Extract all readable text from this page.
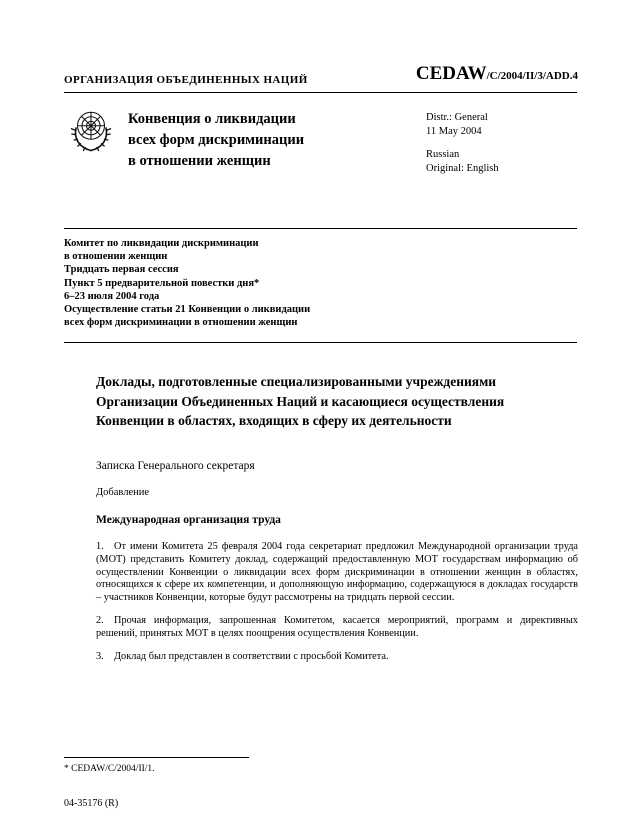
ОРГАНИЗАЦИЯ ОБЪЕДИНЕННЫХ НАЦИЙ	CEDAW/C/2004/II/3/ADD.4
Конвенция о ликвидации
всех форм дискриминации
в отношении женщин
Distr.: General
11 May 2004
Russian
Original: English
Комитет по ликвидации дискриминации
в отношении женщин
Тридцать первая сессия
Пункт 5 предварительной повестки дня*
6–23 июля 2004 года
Осуществление статьи 21 Конвенции о ликвидации
всех форм дискриминации в отношении женщин
Доклады, подготовленные специализированными учреждениями Организации Объединенных Наций и касающиеся осуществления Конвенции в областях, входящих в сферу их деятельности
Записка Генерального секретаря
Добавление
Международная организация труда

1. От имени Комитета 25 февраля 2004 года секретариат предложил Международной организации труда (МОТ) представить Комитету доклад, содержащий предоставленную МОТ государствам информацию об осуществлении Конвенции о ликвидации всех форм дискриминации в отношении женщин в областях, относящихся к сфере их компетенции, и дополняющую информацию, содержащуюся в докладах государств – участников Конвенции, которые будут рассмотрены на тридцать первой сессии.

2. Прочая информация, запрошенная Комитетом, касается мероприятий, программ и директивных решений, принятых МОТ в целях поощрения осуществления Конвенции.

3. Доклад был представлен в соответствии с просьбой Комитета.

* CEDAW/C/2004/II/1.
04-35176 (R)
